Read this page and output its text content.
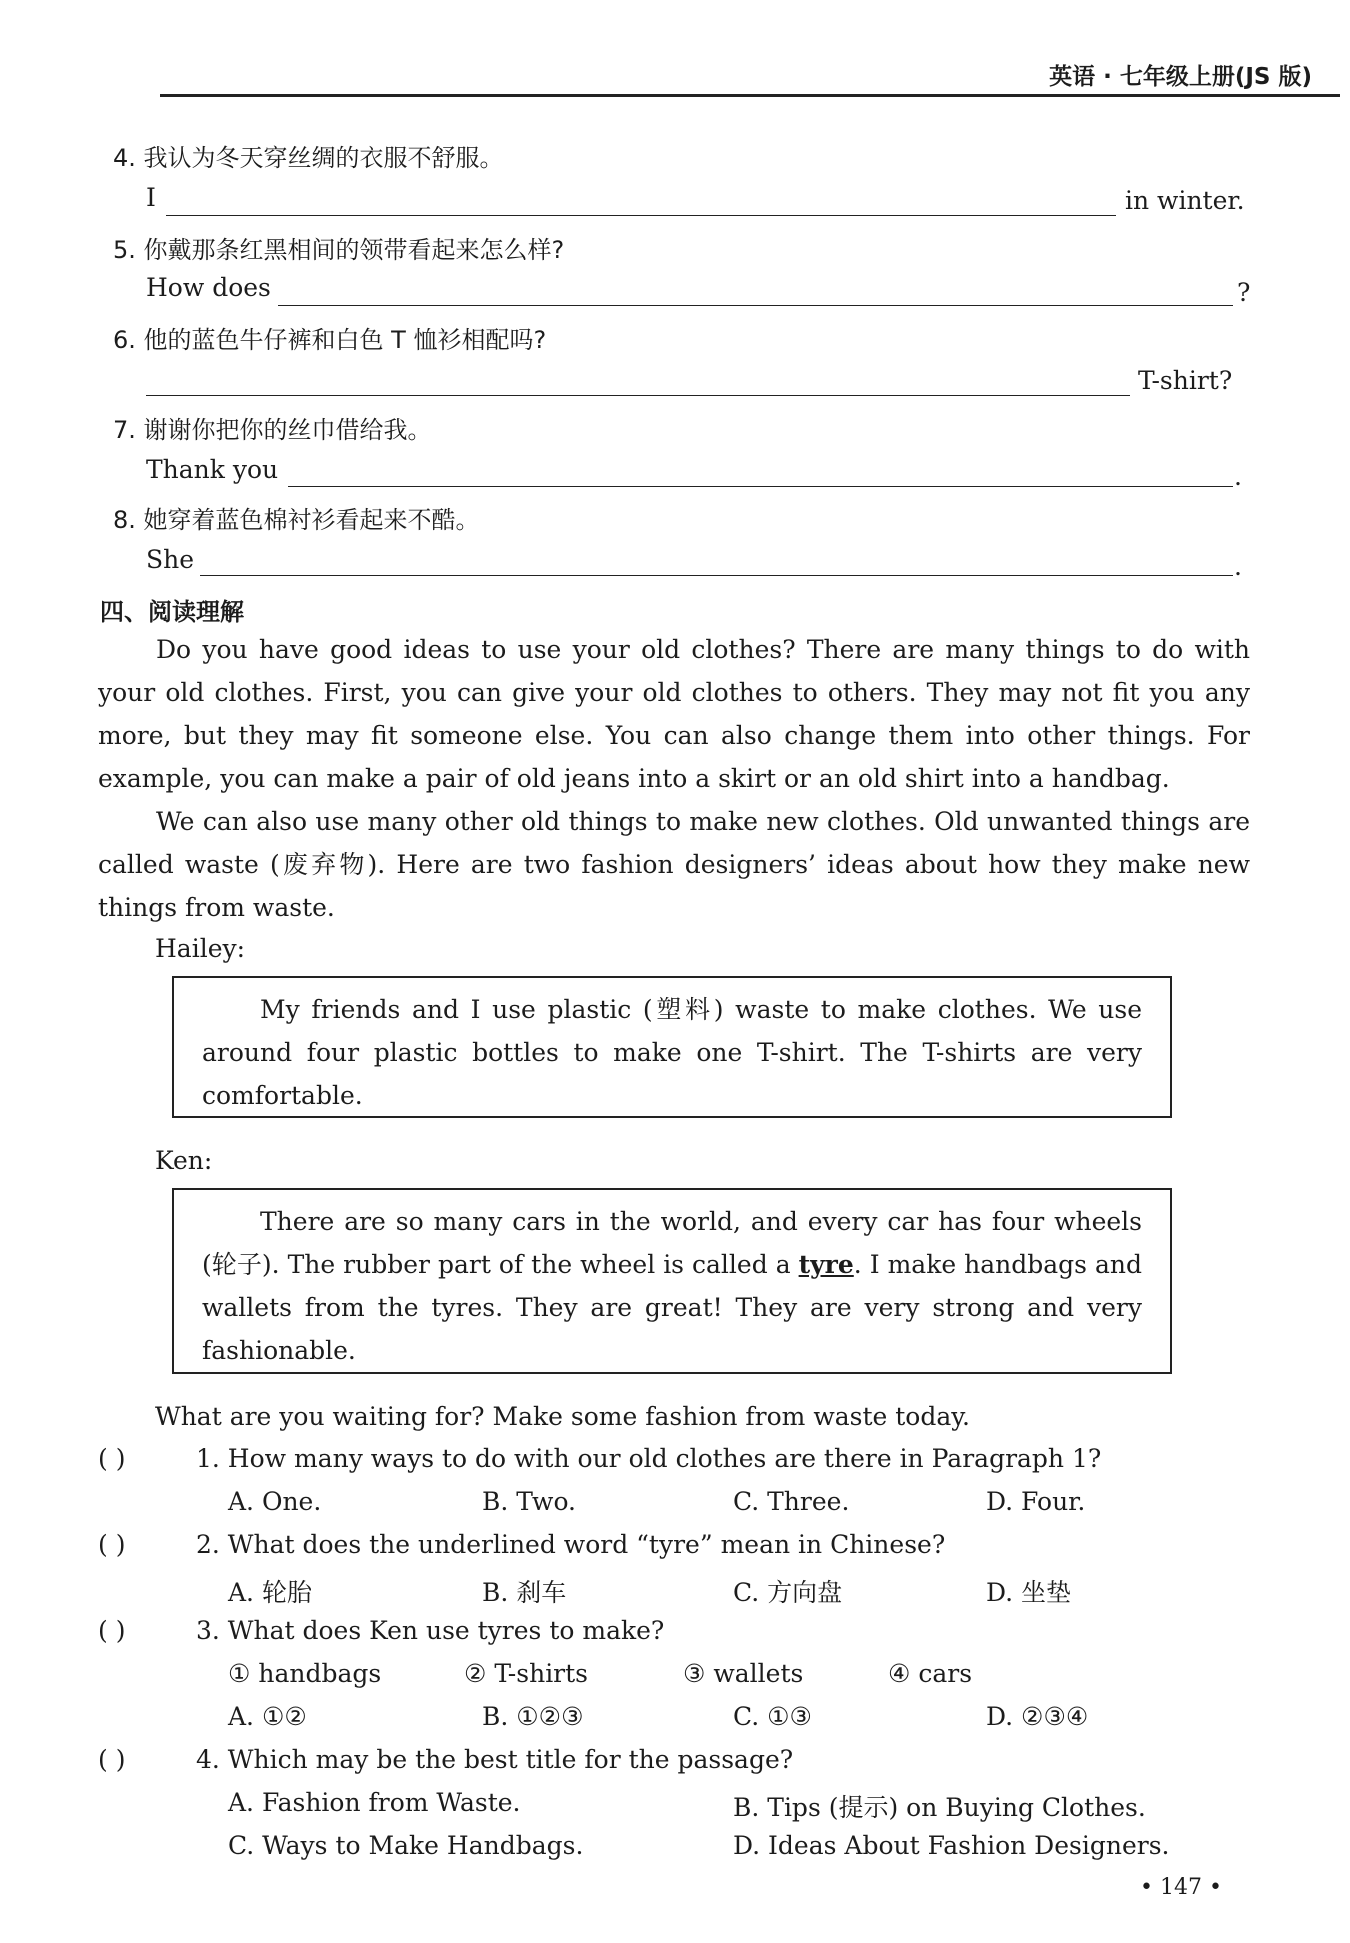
英语 · 七年级上册(JS 版)
4. 我认为冬天穿丝绸的衣服不舒服。
I	in winter.
5. 你戴那条红黑相间的领带看起来怎么样?
How does	?
6. 他的蓝色牛仔裤和白色 T 恤衫相配吗?
T-shirt?
7. 谢谢你把你的丝巾借给我。
Thank you	.
8. 她穿着蓝色棉衬衫看起来不酷。
She	.
四、阅读理解
Do you have good ideas to use your old clothes? There are many things to do with your old clothes. First, you can give your old clothes to others. They may not fit you any more, but they may fit someone else. You can also change them into other things. For example, you can make a pair of old jeans into a skirt or an old shirt into a handbag.
We can also use many other old things to make new clothes. Old unwanted things are called waste (废弃物). Here are two fashion designers’ ideas about how they make new things from waste.
Hailey:
My friends and I use plastic (塑料) waste to make clothes. We use around four plastic bottles to make one T-shirt. The T-shirts are very comfortable.
Ken:
There are so many cars in the world, and every car has four wheels (轮子). The rubber part of the wheel is called a tyre. I make handbags and wallets from the tyres. They are great! They are very strong and very fashionable.
What are you waiting for? Make some fashion from waste today.
( )	1. How many ways to do with our old clothes are there in Paragraph 1?
A. One.	B. Two.	C. Three.	D. Four.
( )	2. What does the underlined word “tyre” mean in Chinese?
A. 轮胎	B. 刹车	C. 方向盘	D. 坐垫
( )	3. What does Ken use tyres to make?
① handbags	② T-shirts	③ wallets	④ cars
A. ①②	B. ①②③	C. ①③	D. ②③④
( )	4. Which may be the best title for the passage?
A. Fashion from Waste.	B. Tips (提示) on Buying Clothes.
C. Ways to Make Handbags.	D. Ideas About Fashion Designers.
• 147 •
